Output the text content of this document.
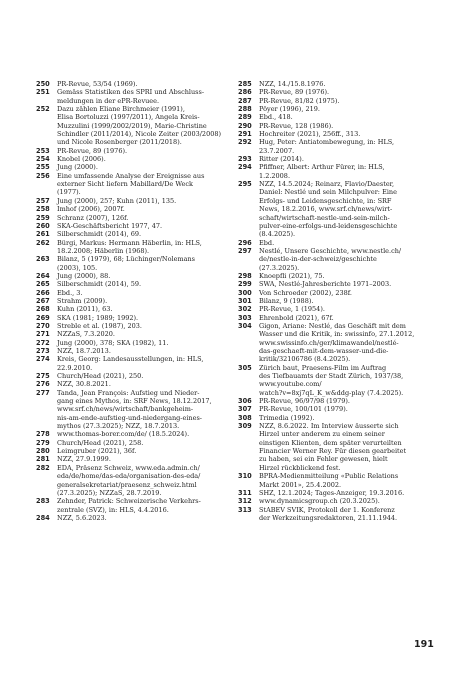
250	PR-Revue, 53/54 (1969).
251	Gemäss Statistiken des SPRI und Abschluss-
meldungen in der ePR-Revuee.
252	Dazu zählen Eliane Birchmeier (1991),
Elisa Bortoluzzi (1997/2011), Angela Kreis-
Muzzulini (1999/2002/2019), Marie-Christine
Schindler (2011/2014), Nicole Zeiter (2003/2008)
und Nicole Rosenberger (2011/2018).
253	PR-Revue, 89 (1976).
254	Knobel (2006).
255	Jung (2000).
256	Eine umfassende Analyse der Ereignisse aus
externer Sicht liefern Mabillard/De Weck
(1977).
257	Jung (2000), 257; Kuhn (2011), 135.
258	Imhof (2006), 2007f.
259	Schranz (2007), 126f.
260	SKA-Geschäftsbericht 1977, 47.
261	Silberschmidt (2014), 69.
262	Bürgi, Markus: Hermann Häberlin, in: HLS,
18.2.2008; Häberlin (1968).
263	Bilanz, 5 (1979), 68; Lüchinger/Nolemans
(2003), 105.
264	Jung (2000), 88.
265	Silberschmidt (2014), 59.
266	Ebd., 3.
267	Strahm (2009).
268	Kuhn (2011), 63.
269	SKA (1981; 1989; 1992).
270	Streble et al. (1987), 203.
271	NZZaS, 7.3.2020.
272	Jung (2000), 378; SKA (1982), 11.
273	NZZ, 18.7.2013.
274	Kreis, Georg: Landesausstellungen, in: HLS,
22.9.2010.
275	Church/Head (2021), 250.
276	NZZ, 30.8.2021.
277	Tanda, Jean François: Aufstieg und Nieder-
gang eines Mythos, in: SRF News, 18.12.2017,
www.srf.ch/news/wirtschaft/bankgeheim-
nis-am-ende-aufstieg-und-niedergang-eines-
mythos (27.3.2025); NZZ, 18.7.2013.
278	www.thomas-borer.com/de/ (18.5.2024).
279	Church/Head (2021), 258.
280	Leimgruber (2021), 36f.
281	NZZ, 27.9.1999.
282	EDA, Präsenz Schweiz, www.eda.admin.ch/
eda/de/home/das-eda/organisation-des-eda/
generalsekretariat/praesenz_schweiz.html
(27.3.2025); NZZaS, 28.7.2019.
283	Zehnder, Patrick: Schweizerische Verkehrs-
zentrale (SVZ), in: HLS, 4.4.2016.
284	NZZ, 5.6.2023.
285	NZZ, 14./15.8.1976.
286	PR-Revue, 89 (1976).
287	PR-Revue, 81/82 (1975).
288	Pöyer (1996), 219.
289	Ebd., 418.
290	PR-Revue, 128 (1986).
291	Hochreiter (2021), 256ff., 313.
292	Hug, Peter: Antiatombewegung, in: HLS,
23.7.2007.
293	Ritter (2014).
294	Pfiffner, Albert: Arthur Fürer, in: HLS,
1.2.2008.
295	NZZ, 14.5.2024; Reinarz, Flavio/Daester,
Daniel: Nestlé und sein Milchpulver: Eine
Erfolgs- und Leidensgeschichte, in: SRF
News, 18.2.2016, www.srf.ch/news/wirt-
schaft/wirtschaft-nestle-und-sein-milch-
pulver-eine-erfolgs-und-leidensgeschichte
(8.4.2025).
296	Ebd.
297	Nestlé, Unsere Geschichte, www.nestle.ch/
de/nestle-in-der-schweiz/geschichte
(27.3.2025).
298	Knoepfli (2021), 75.
299	SWA, Nestlé-Jahresberichte 1971–2003.
300	Von Schroeder (2002), 238f.
301	Bilanz, 9 (1988).
302	PR-Revue, 1 (1954).
303	Ehrenbold (2021), 67f.
304	Gigon, Ariane: Nestlé, das Geschäft mit dem
Wasser und die Kritik, in: swissinfo, 27.1.2012,
www.swissinfo.ch/ger/klimawandel/nestlé-
das-geschaeft-mit-dem-wasser-und-die-
kritik/32106786 (8.4.2025).
305	Zürich baut, Praesens-Film im Auftrag
des Tiefbauamts der Stadt Zürich, 1937/38,
www.youtube.com/
watch?v=8xj7qL_K_w&ddg-play (7.4.2025).
306	PR-Revue, 96/97/98 (1979).
307	PR-Revue, 100/101 (1979).
308	Trimedia (1992).
309	NZZ, 8.6.2022. Im Interview äusserte sich
Hirzel unter anderem zu einem seiner
einstigen Klienten, dem später verurteilten
Financier Werner Rey. Für diesen gearbeitet
zu haben, sei ein Fehler gewesen, hielt
Hirzel rückblickend fest.
310	BPRA-Medienmitteilung «Public Relations
Markt 2001», 25.4.2002.
311	SHZ, 12.1.2024; Tages-Anzeiger, 19.3.2016.
312	www.dynamicsgroup.ch (20.3.2025).
313	StABEV SVIK, Protokoll der 1. Konferenz
der Werkzeitungsredaktoren, 21.11.1944.
191
